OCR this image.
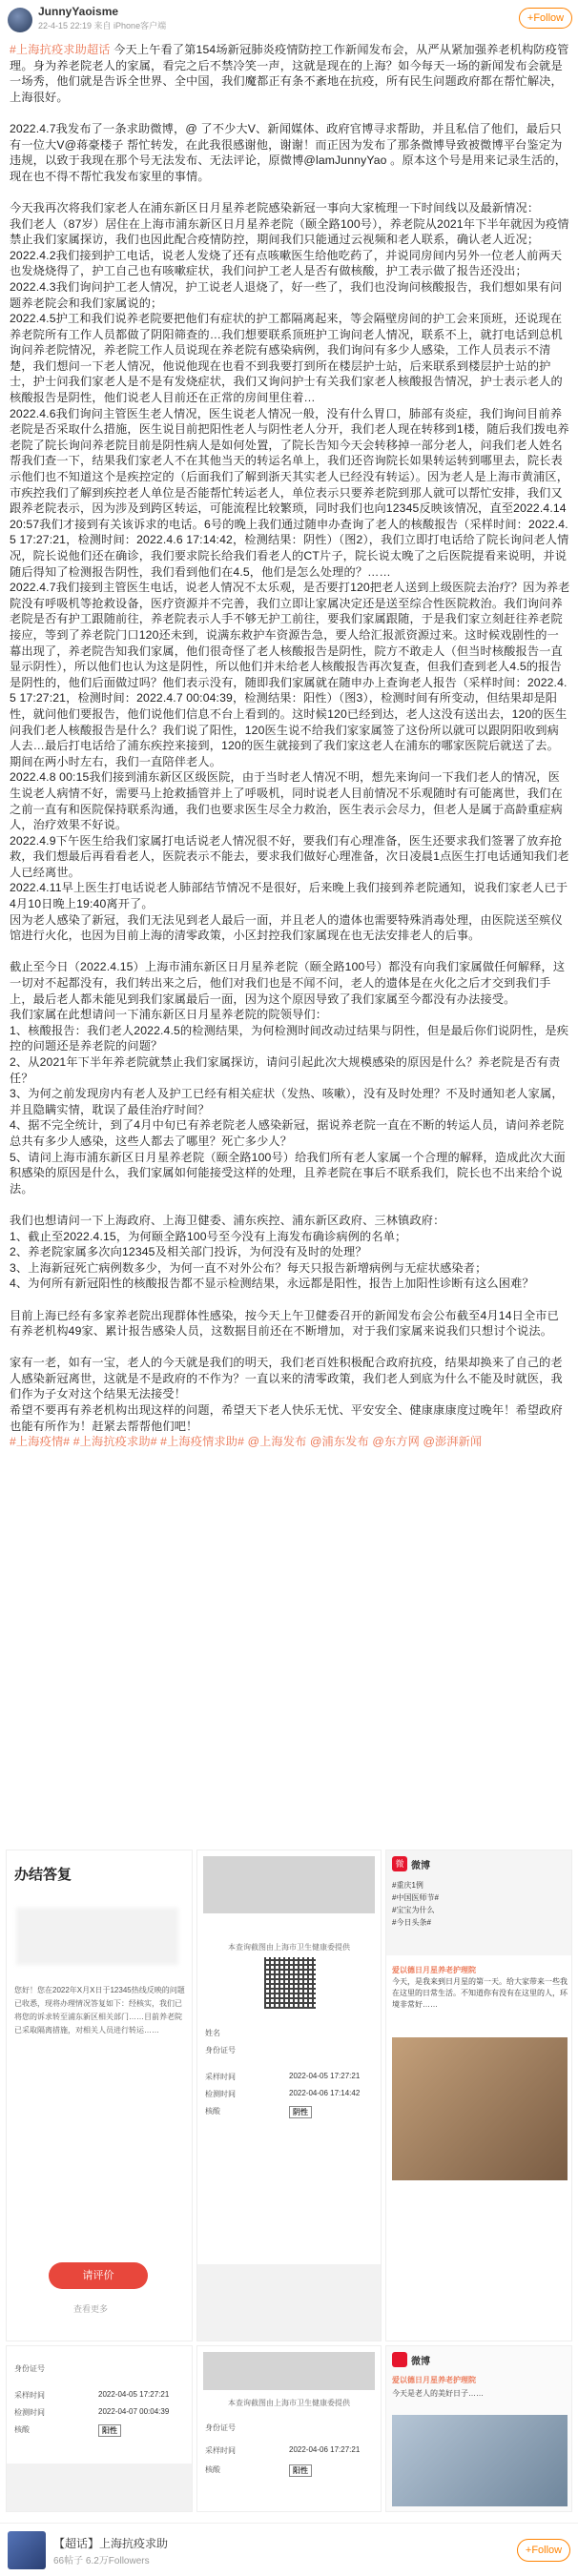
JunnyYaoisme
22-4-15 22:19 来自 iPhone客户端
+Follow
#上海抗疫求助超话 今天上午看了第154场新冠肺炎疫情防控工作新闻发布会，从严从紧加强养老机构防疫管理。身为养老院老人的家属，看完之后不禁冷笑一声，这就是现在的上海？如今每天一场的新闻发布会就是一场秀，他们就是告诉全世界、全中国，我们魔都正有条不紊地在抗疫，所有民生问题政府都在帮忙解决，上海很好。

2022.4.7我发布了一条求助微博，@ 了不少大V、新闻媒体、政府官博寻求帮助，并且私信了他们，最后只有一位大V@蒋豪楼子 帮忙转发，在此我很感谢他，谢谢！而正因为发布了那条微博导致被微博平台鉴定为违规，以致于我现在那个号无法发布、无法评论，原微博@lamJunnyYao 。原本这个号是用来记录生活的，现在也不得不帮忙我发布家里的事情。

今天我再次将我们家老人在浦东新区日月星养老院感染新冠一事向大家梳理一下时间线以及最新情况：
我们老人（87岁）居住在上海市浦东新区日月星养老院（颐全路100号），养老院从2021年下半年就因为疫情禁止我们家属探访，我们也因此配合疫情防控，期间我们只能通过云视频和老人联系，确认老人近况；
2022.4.2我们接到护工电话，说老人发烧了还有点咳嗽医生给他吃药了，并说同房间内另外一位老人前两天也发烧烧得了，护工自己也有咳嗽症状，我们问护工老人是否有做核酸，护工表示做了报告还没出；
2022.4.3我们询问护工老人情况，护工说老人退烧了，好一些了，我们也没询问核酸报告，我们想如果有问题养老院会和我们家属说的；
2022.4.5护工和我们说养老院要把他们有症状的护工都隔离起来，等会隔壁房间的护工会来顶班，还说现在养老院所有工作人员都做了阴阳筛查的…我们想要联系顶班护工询问老人情况，联系不上，就打电话到总机询问养老院情况，养老院工作人员说现在养老院有感染病例，我们询问有多少人感染，工作人员表示不清楚，我们想问一下老人情况，他说他现在也看不到我要打到所在楼层护士站，后来联系到楼层护士站的护士，护士问我们家老人是不是有发烧症状，我们又询问护士有关我们家老人核酸报告情况，护士表示老人的核酸报告是阴性，他们说老人目前还在正常的房间里住着…
2022.4.6我们询问主管医生老人情况，医生说老人情况一般，没有什么胃口，肺部有炎症，我们询问目前养老院是否采取什么措施，医生说目前把阳性老人与阴性老人分开，我们老人现在转移到1楼，随后我们拨电养老院了院长询问养老院目前是阴性病人是如何处置，了院长告知今天会转移掉一部分老人，问我们老人姓名帮我们查一下，结果我们家老人不在其他当天的转运名单上，我们还咨询院长如果转运转到哪里去，院长表示他们也不知道这个是疾控定的（后面我们了解到浙天其实老人已经没有转运）。因为老人是上海市黄浦区，市疾控我们了解到疾控老人单位是否能帮忙转运老人，单位表示只要养老院到那人就可以帮忙安排，我们又跟养老院表示，因为涉及到跨区转运，可能流程比较繁琐，同时我们也向12345反映该情况，直至2022.4.14 20:57我们才接到有关该诉求的电话。6号的晚上我们通过随申办查询了老人的核酸报告（采样时间：2022.4.5 17:27:21，检测时间：2022.4.6 17:14:42，检测结果：阴性）（图2），我们立即打电话给了院长询问老人情况，院长说他们还在确诊，我们要求院长给我们看老人的CT片子，院长说太晚了之后医院提看来说明，并说随后得知了检测报告阴性，我们看到他们在4.5，他们是怎么处理的？……
2022.4.7我们接到主管医生电话，说老人情况不太乐观，是否要打120把老人送到上级医院去治疗？因为养老院没有呼吸机等抢救设备，医疗资源并不完善，我们立即让家属决定还是送至综合性医院救治。我们询问养老院是否有护工跟随前往，养老院表示人手不够无护工前往，要我们家属跟随，于是我们家立刻赶往养老院接应，等到了养老院门口120还未到，说满东救护车资源告急，要人给汇报派资源过来。这时候戏剧性的一幕出现了，养老院告知我们家属，他们很奇怪了老人核酸报告是阴性，院方不敢走人（但当时核酸报告一直显示阴性），所以他们也认为这是阴性，所以他们并未给老人核酸报告再次复查，但我们查到老人4.5的报告是阴性的，他们后面做过吗？他们表示没有，随即我们家属就在随申办上查询老人报告（采样时间：2022.4.5 17:27:21，检测时间：2022.4.7 00:04:39，检测结果：阳性）（图3），检测时间有所变动，但结果却是阳性，就问他们要报告，他们说他们信息不台上看到的。这时候120已经到达，老人这没有送出去，120的医生问我们老人核酸报告是什么？我们说了阳性，120医生说不给我们家家属签了这份所以就可以跟阴阳收到病人去…最后打电话给了浦东疾控来接到，120的医生就接到了我们家这老人在浦东的哪家医院后就送了去。期间在两小时左右，我们一直陪伴老人。
2022.4.8 00:15我们接到浦东新区区级医院，由于当时老人情况不明，想先来询问一下我们老人的情况，医生说老人病情不好，需要马上抢救插管并上了呼吸机，同时说老人目前情况不乐观随时有可能离世，我们在之前一直有和医院保持联系沟通，我们也要求医生尽全力救治，医生表示会尽力，但老人是属于高龄重症病人，治疗效果不好说。
2022.4.9下午医生给我们家属打电话说老人情况很不好，要我们有心理准备，医生还要求我们签署了放弃抢救，我们想最后再看看老人，医院表示不能去，要求我们做好心理准备，次日凌晨1点医生打电话通知我们老人已经离世。
2022.4.11早上医生打电话说老人肺部结节情况不是很好，后来晚上我们接到养老院通知，说我们家老人已于4月10日晚上19:40离开了。
因为老人感染了新冠，我们无法见到老人最后一面，并且老人的遗体也需要特殊消毒处理，由医院送至殡仪馆进行火化，也因为目前上海的清零政策，小区封控我们家属现在也无法安排老人的后事。

截止至今日（2022.4.15）上海市浦东新区日月星养老院（颐全路100号）都没有向我们家属做任何解释，这一切对不起都没有，我们转出来之后，他们对我们也是不闻不问，老人的遗体是在火化之后才交到我们手上，最后老人都未能见到我们家属最后一面，因为这个原因导致了我们家属至今都没有办法接受。
我们家属在此想请问一下浦东新区日月星养老院的院领导们：
1、核酸报告：我们老人2022.4.5的检测结果，为何检测时间改动过结果与阴性，但是最后你们说阴性，是疾控的问题还是养老院的问题？
2、从2021年下半年养老院就禁止我们家属探访，请问引起此次大规模感染的原因是什么？养老院是否有责任？
3、为何之前发现房内有老人及护工已经有相关症状（发热、咳嗽），没有及时处理？不及时通知老人家属，并且隐瞒实情，耽误了最佳治疗时间？
4、据不完全统计，到了4月中旬已有养老院老人感染新冠，据说养老院一直在不断的转运人员，请问养老院总共有多少人感染，这些人都去了哪里？死亡多少人？
5、请问上海市浦东新区日月星养老院（颐全路100号）给我们所有老人家属一个合理的解释，造成此次大面积感染的原因是什么，我们家属如何能接受这样的处理，且养老院在事后不联系我们，院长也不出来给个说法。

我们也想请问一下上海政府、上海卫健委、浦东疾控、浦东新区政府、三林镇政府：
1、截止至2022.4.15，为何颐全路100号至今没有上海发布确诊病例的名单；
2、养老院家属多次向12345及相关部门投诉，为何没有及时的处理？
3、上海新冠死亡病例数多少，为何一直不对外公布？每天只报告新增病例与无症状感染者；
4、为何所有新冠阳性的核酸报告都不显示检测结果，永远都是阳性，报告上加阳性诊断有这么困难？

目前上海已经有多家养老院出现群体性感染，按今天上午卫健委召开的新闻发布会公布截至4月14日全市已有养老机构49家、累计报告感染人员，这数据目前还在不断增加，对于我们家属来说我们只想讨个说法。

家有一老，如有一宝，老人的今天就是我们的明天，我们老百姓积极配合政府抗疫，结果却换来了自己的老人感染新冠离世，这就是不是政府的不作为？一直以来的清零政策，我们老人到底为什么不能及时就医，我们作为子女对这个结果无法接受！
希望不要再有养老机构出现这样的问题，希望天下老人快乐无忧、平安安全、健康康康度过晚年！希望政府也能有所作为！赶紧去帮帮他们吧！
#上海疫情# #上海抗疫求助# #上海疫情求助# @上海发布 @浦东发布 @东方网 @澎湃新闻
办结答复
您好！您在2022年X月X日于12345热线反映的问题已收悉，现将办理情况答复如下：经核实，我们已将您的诉求转至浦东新区相关部门……目前养老院已采取隔离措施，对相关人员进行转运……
请评价
查看更多
本查询截图由上海市卫生健康委提供
姓名
身份证号
采样时间	2022-04-05 17:27:21
检测时间	2022-04-06 17:14:42
核酸	阴性
微 微博
#重庆1例
#中国医师节#
#宝宝为什么
#今日头条#
爱以德日月星养老护理院
今天，是我来到日月星的第一天。给大家带来一些我在这里的日常生活。不知道你有没有在这里的人，环境非常好……
身份证号
采样时间	2022-04-05 17:27:21
检测时间	2022-04-07 00:04:39
核酸	阳性
本查询截图由上海市卫生健康委提供
身份证号
采样时间	2022-04-06 17:27:21
核酸	阳性
微博
爱以德日月星养老护理院
今天是老人的美好日子……
【超话】上海抗疫求助
66帖子 6.2万Followers
+Follow
